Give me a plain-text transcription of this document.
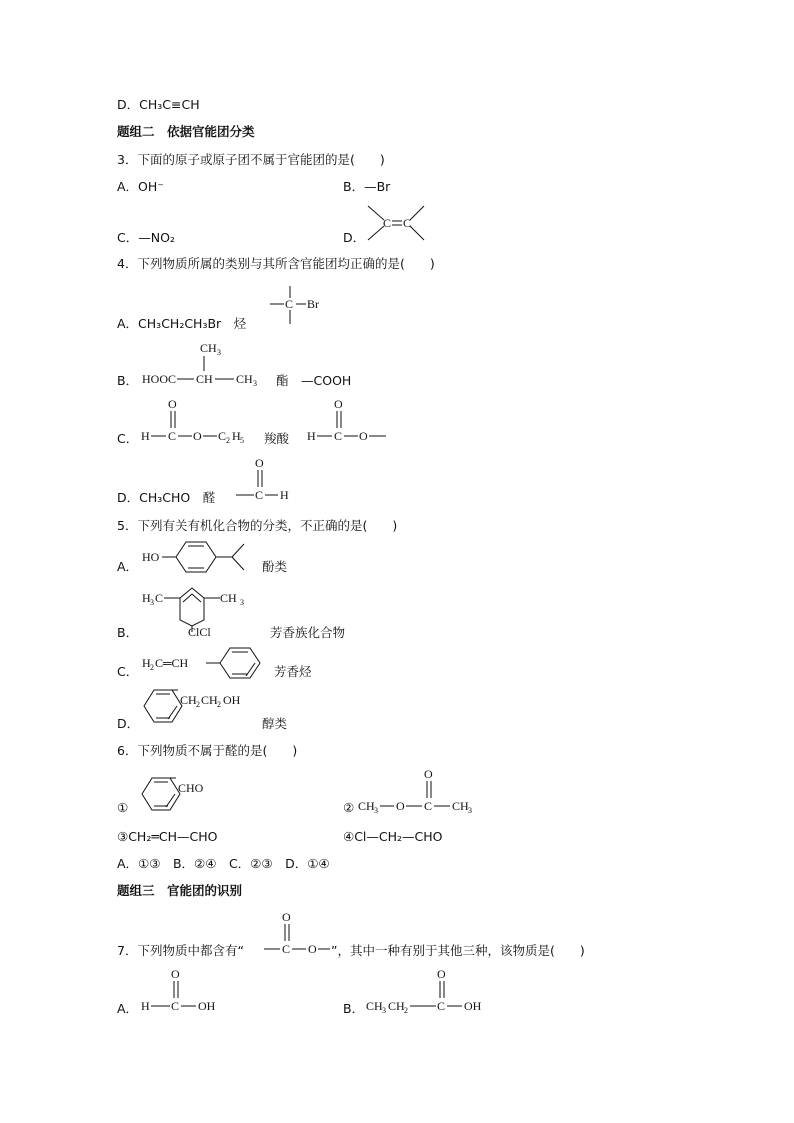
D．CH₃C≡CH
题组二　依据官能团分类
3．下面的原子或原子团不属于官能团的是(　　)
A．OH⁻	B．—Br
C．—NO₂	D．
C C
4．下列物质所属的类别与其所含官能团均正确的是(　　)
A．CH₃CH₂CH₃Br　烃
C Br
B． HOOC CH CH 3
CH 3
酯　—COOH
C． H C
O
O C 2 H 5 羧酸 H C
O
O
D．CH₃CHO　醛	C
O
H
5．下列有关有机化合物的分类，不正确的是(　　)
A．
HO
酚类
B．
H 3 C	CH 3
ClCl	芳香族化合物
C．
H 2 C═CH
芳香烃
D．
CH 2 C H 2 OH
醇类
6．下列物质不属于醛的是(　　)
①
CHO
② CH 3 O C
O
CH 3
③CH₂═CH—CHO	④Cl—CH₂—CHO
A．①③　B．②④　C．②③　D．①④
题组三　官能团的识别
7．下列物质中都含有“	C
O
O ”，其中一种有别于其他三种，该物质是(　　)
A． H C
O
OH	B． CH 3 CH 2 C
O
OH
